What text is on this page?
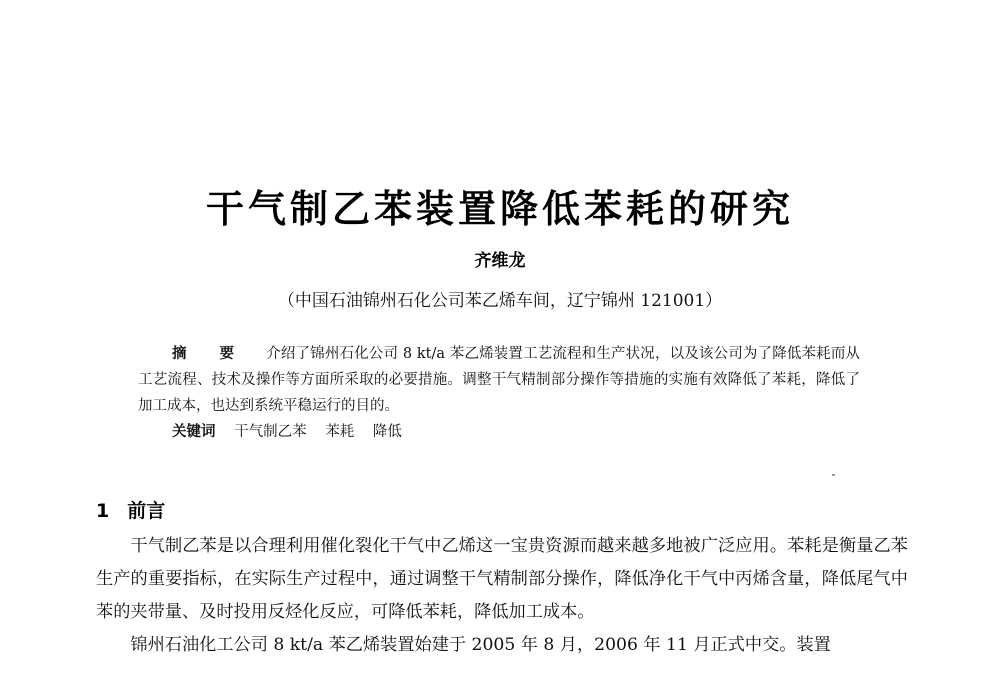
干气制乙苯装置降低苯耗的研究
齐维龙
（中国石油锦州石化公司苯乙烯车间，辽宁锦州 121001）
摘 要 介绍了锦州石化公司 8 kt/a 苯乙烯装置工艺流程和生产状况，以及该公司为了降低苯耗而从工艺流程、技术及操作等方面所采取的必要措施。调整干气精制部分操作等措施的实施有效降低了苯耗，降低了加工成本，也达到系统平稳运行的目的。
关键词 干气制乙苯 苯耗 降低
1 前言

干气制乙苯是以合理利用催化裂化干气中乙烯这一宝贵资源而越来越多地被广泛应用。苯耗是衡量乙苯生产的重要指标，在实际生产过程中，通过调整干气精制部分操作，降低净化干气中丙烯含量，降低尾气中苯的夹带量、及时投用反烃化反应，可降低苯耗，降低加工成本。

锦州石油化工公司 8 kt/a 苯乙烯装置始建于 2005 年 8 月，2006 年 11 月正式中交。装置
